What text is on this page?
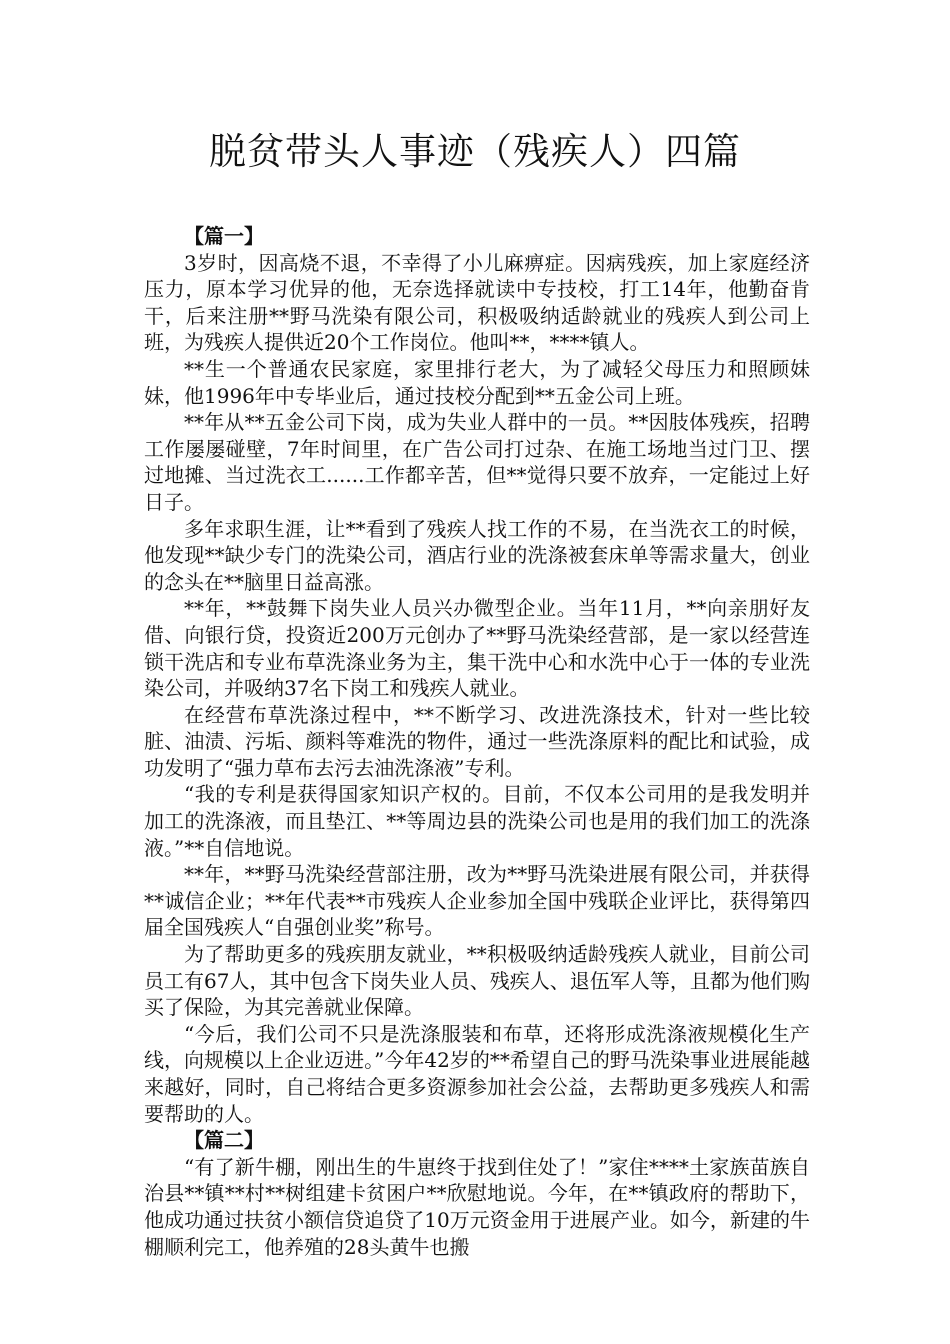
脱贫带头人事迹（残疾人）四篇

【篇一】

3岁时，因高烧不退，不幸得了小儿麻痹症。因病残疾，加上家庭经济压力，原本学习优异的他，无奈选择就读中专技校，打工14年，他勤奋肯干，后来注册**野马洗染有限公司，积极吸纳适龄就业的残疾人到公司上班，为残疾人提供近20个工作岗位。他叫**，****镇人。

**生一个普通农民家庭，家里排行老大，为了减轻父母压力和照顾妹妹，他1996年中专毕业后，通过技校分配到**五金公司上班。

**年从**五金公司下岗，成为失业人群中的一员。**因肢体残疾，招聘工作屡屡碰壁，7年时间里，在广告公司打过杂、在施工场地当过门卫、摆过地摊、当过洗衣工......工作都辛苦，但**觉得只要不放弃，一定能过上好日子。

多年求职生涯，让**看到了残疾人找工作的不易，在当洗衣工的时候，他发现**缺少专门的洗染公司，酒店行业的洗涤被套床单等需求量大，创业的念头在**脑里日益高涨。

**年，**鼓舞下岗失业人员兴办微型企业。当年11月，**向亲朋好友借、向银行贷，投资近200万元创办了**野马洗染经营部，是一家以经营连锁干洗店和专业布草洗涤业务为主，集干洗中心和水洗中心于一体的专业洗染公司，并吸纳37名下岗工和残疾人就业。

在经营布草洗涤过程中，**不断学习、改进洗涤技术，针对一些比较脏、油渍、污垢、颜料等难洗的物件，通过一些洗涤原料的配比和试验，成功发明了“强力草布去污去油洗涤液”专利。

“我的专利是获得国家知识产权的。目前，不仅本公司用的是我发明并加工的洗涤液，而且垫江、**等周边县的洗染公司也是用的我们加工的洗涤液。”**自信地说。

**年，**野马洗染经营部注册，改为**野马洗染进展有限公司，并获得**诚信企业；**年代表**市残疾人企业参加全国中残联企业评比，获得第四届全国残疾人“自强创业奖”称号。

为了帮助更多的残疾朋友就业，**积极吸纳适龄残疾人就业，目前公司员工有67人，其中包含下岗失业人员、残疾人、退伍军人等，且都为他们购买了保险，为其完善就业保障。

“今后，我们公司不只是洗涤服装和布草，还将形成洗涤液规模化生产线，向规模以上企业迈进。”今年42岁的**希望自己的野马洗染事业进展能越来越好，同时，自己将结合更多资源参加社会公益，去帮助更多残疾人和需要帮助的人。

【篇二】

“有了新牛棚，刚出生的牛崽终于找到住处了！”家住****土家族苗族自治县**镇**村**树组建卡贫困户**欣慰地说。今年，在**镇政府的帮助下，他成功通过扶贫小额信贷追贷了10万元资金用于进展产业。如今，新建的牛棚顺利完工，他养殖的28头黄牛也搬
